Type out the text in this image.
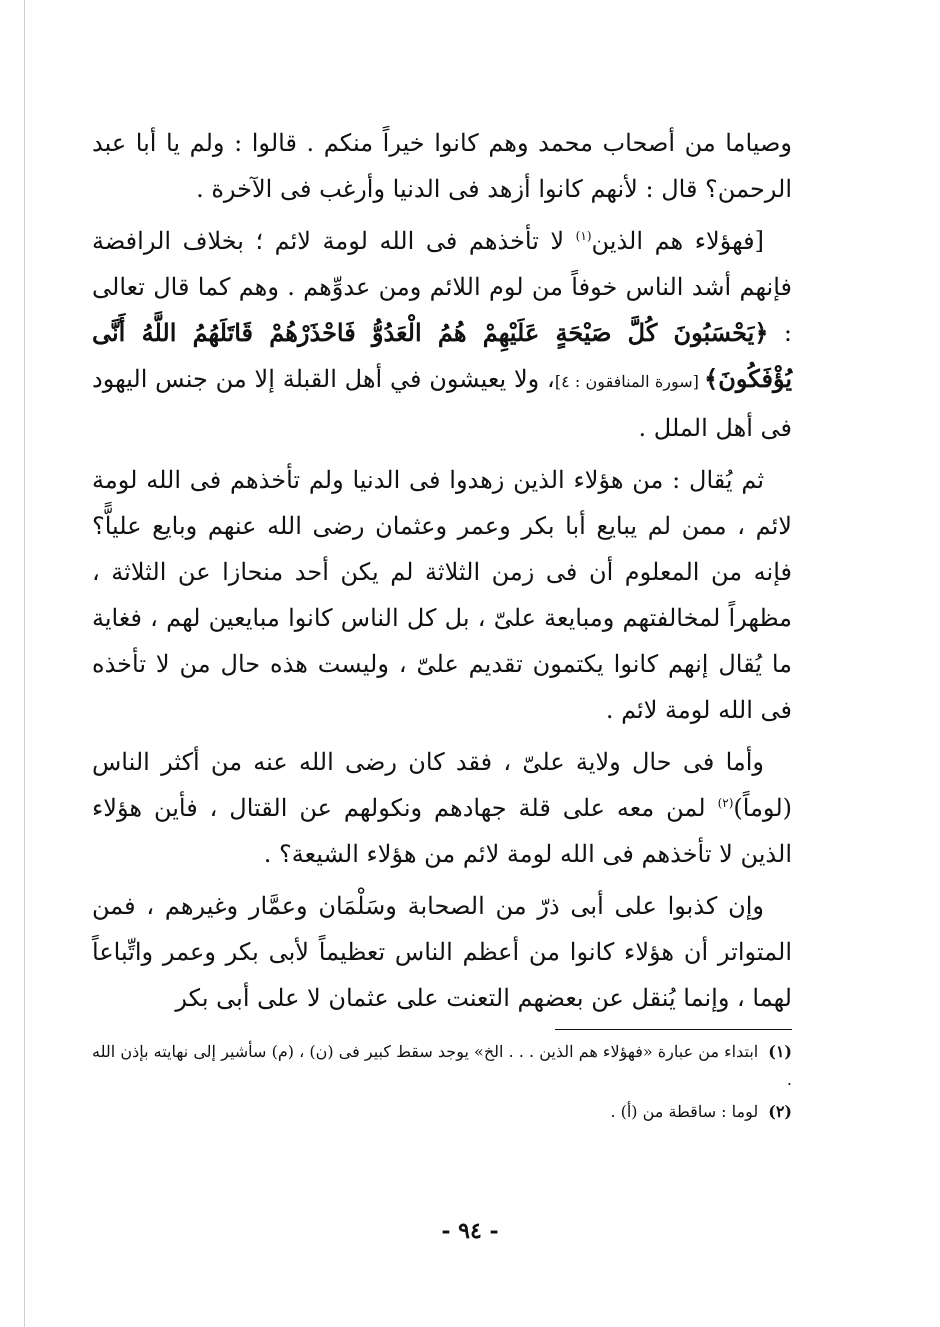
وصياما من أصحاب محمد وهم كانوا خيراً منكم . قالوا : ولم يا أبا عبد الرحمن؟ قال : لأنهم كانوا أزهد فى الدنيا وأرغب فى الآخرة .

[فهؤلاء هم الذين$^{(١)}$ لا تأخذهم فى الله لومة لائم ؛ بخلاف الرافضة فإنهم أشد الناس خوفاً من لوم اللائم ومن عدوِّهم . وهم كما قال تعالى : ﴿يَحْسَبُونَ كُلَّ صَيْحَةٍ عَلَيْهِمْ هُمُ الْعَدُوُّ فَاحْذَرْهُمْ قَاتَلَهُمُ اللَّهُ أَنَّى يُؤْفَكُونَ﴾ [سورة المنافقون : ٤]، ولا يعيشون في أهل القبلة إلا من جنس اليهود فى أهل الملل .

ثم يُقال : من هؤلاء الذين زهدوا فى الدنيا ولم تأخذهم فى الله لومة لائم ، ممن لم يبايع أبا بكر وعمر وعثمان رضى الله عنهم وبايع علياًّ؟ فإنه من المعلوم أن فى زمن الثلاثة لم يكن أحد منحازا عن الثلاثة ، مظهراً لمخالفتهم ومبايعة علىّ ، بل كل الناس كانوا مبايعين لهم ، فغاية ما يُقال إنهم كانوا يكتمون تقديم علىّ ، وليست هذه حال من لا تأخذه فى الله لومة لائم .

وأما فى حال ولاية علىّ ، فقد كان رضى الله عنه من أكثر الناس (لوماً)$^{(٢)}$ لمن معه على قلة جهادهم ونكولهم عن القتال ، فأين هؤلاء الذين لا تأخذهم فى الله لومة لائم من هؤلاء الشيعة؟ .

وإن كذبوا على أبى ذرّ من الصحابة وسَلْمَان وعمَّار وغيرهم ، فمن المتواتر أن هؤلاء كانوا من أعظم الناس تعظيماً لأبى بكر وعمر واتِّباعاً لهما ، وإنما يُنقل عن بعضهم التعنت على عثمان لا على أبى بكر

(١)ابتداء من عبارة «فهؤلاء هم الذين . . . الخ» يوجد سقط كبير فى (ن) ، (م) سأشير إلى نهايته بإذن الله .

(٢)لوما : ساقطة من (أ) .

- ٩٤ -
